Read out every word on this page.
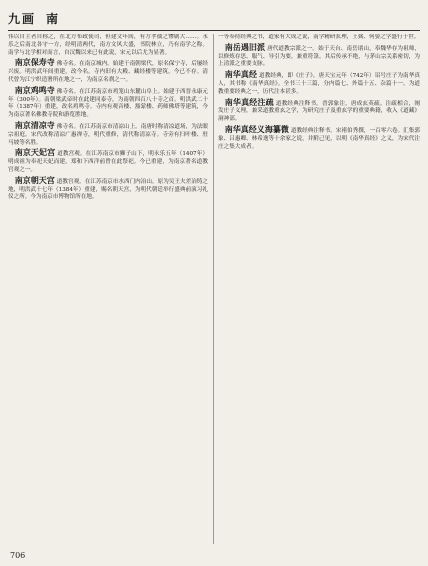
九画 南

伟以自主者自称之，在北方布政使司，但建文年间，有方孝孺之惨剧大……。永乐之后南北各守一方，经明清两代，南方文风大盛，书院林立，乃有南学之称。南学与北学相对而言，自汉魏以来已有此说，宋元以后尤为显著。

南京保寿寺 佛寺名。在南京城内。始建于南朝梁代，原名保宁寺，后屡经兴废。明洪武年间重建，改今名。寺内旧有大殿、藏经楼等建筑，今已不存。清代曾为江宁织造署所在地之一，为南京名刹之一。

南京鸡鸣寺 佛寺名。在江苏南京市鸡笼山东麓山阜上。始建于西晋永康元年（300年）。南朝梁武帝时在此建同泰寺，为南朝四百八十寺之首。明洪武二十年（1387年）重建，改名鸡鸣寺。寺内有观音楼、豁蒙楼、药师佛塔等建筑，今为南京著名佛教寺院和游览胜地。

南京清凉寺 佛寺名。在江苏南京市清凉山上。南唐时称清凉道场，为法眼宗祖庭。宋代改称清凉广惠禅寺，明代重修，清代称清凉寺。寺旁有扫叶楼、驻马坡等名胜。

南京天妃宫 道教宫观。在江苏南京市狮子山下，明永乐五年（1407年）明成祖为奉祀天妃而建，郑和下西洋前曾在此祭祀。今已重建，为南京著名道教宫观之一。

南京朝天宫 道教宫观。在江苏南京市水西门内冶山。原为吴王夫差冶铸之地，明洪武十七年（1384年）重建，赐名朝天宫，为明代朝廷举行盛典前演习礼仪之所。今为南京市博物馆所在地。

一等奉持经典之书，道家有大成之说，南学精研玄理，王弼、何晏之学盛行于世。

南岳遇旧派 唐代道教宗派之一。始于天台、南岳诸山，奉魏华存为祖师，以修炼存思、服气、导引为要，兼重符箓。其后传承不绝，与茅山宗关系密切，为上清派之重要支脉。

南华真经 道教经典，即《庄子》。唐天宝元年（742年）诏号庄子为南华真人，其书称《南华真经》。全书三十三篇，分内篇七、外篇十五、杂篇十一。为道教重要经典之一，历代注本甚多。

南华真经注疏 道教经典注释书。晋郭象注，唐成玄英疏。注疏相合，阐发庄子义理，兼采道教重玄之学，为研究庄子及重玄学的重要典籍，收入《道藏》洞神部。

南华真经义海纂微 道教经典注释书。宋褚伯秀撰，一百零六卷。汇集郭象、吕惠卿、林希逸等十余家之说，并附己见，以明《南华真经》之义，为宋代注庄之集大成者。

706
